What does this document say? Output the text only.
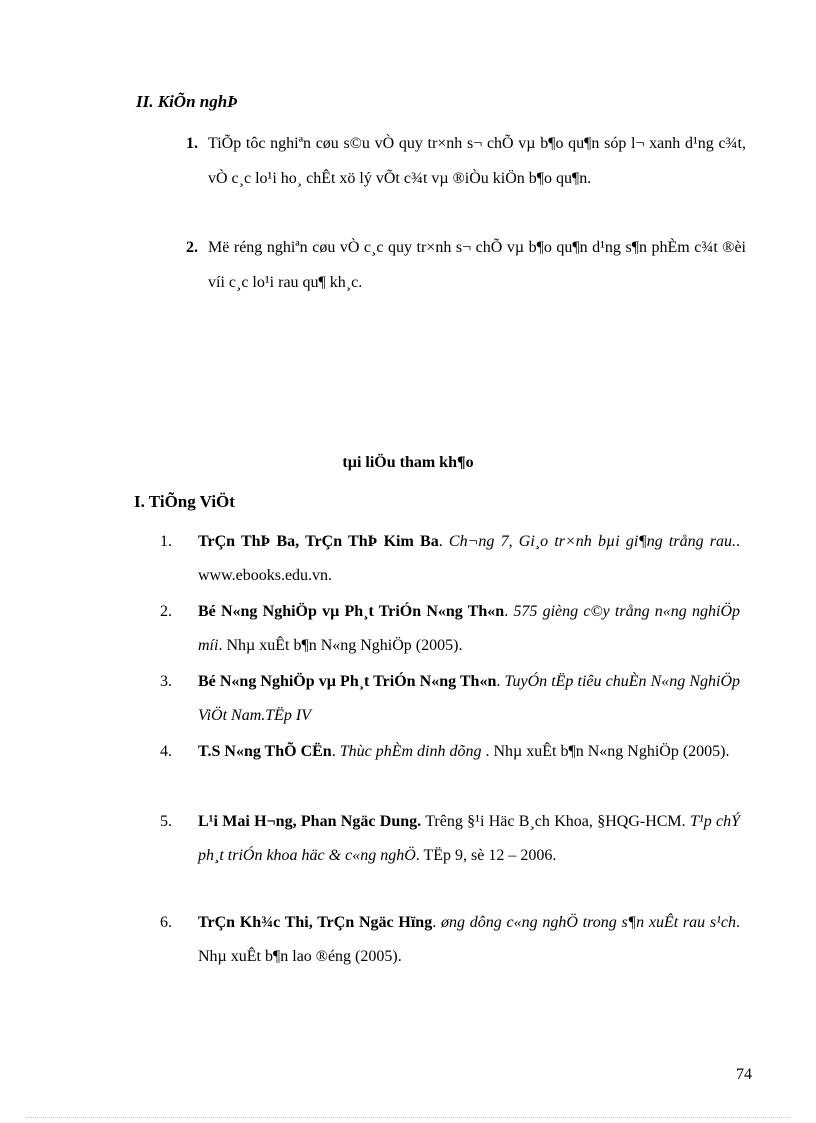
II. KiÕn nghÞ
1. TiÕp tôc nghiªn cøu s©u vÒ quy tr×nh s¬ chÕ vµ b¶o qu¶n sóp l¬ xanh d¹ng c¾t, vÒ c¸c lo¹i ho¸ chÊt xö lý vÕt c¾t vµ ®iÒu kiÖn b¶o qu¶n.
2. Më réng nghiªn cøu vÒ c¸c quy tr×nh s¬ chÕ vµ b¶o qu¶n d¹ng s¶n phÈm c¾t ®èi víi c¸c lo¹i rau qu¶ kh¸c.
tµi liÖu tham kh¶o
I. TiÕng ViÖt
1. TrÇn ThÞ Ba, TrÇn ThÞ Kim Ba. Ch¬ng 7, Gi¸o tr×nh bµi gi¶ng trång rau.. www.ebooks.edu.vn.
2. Bé N«ng NghiÖp vµ Ph¸t TriÓn N«ng Th«n. 575 gièng c©y trång n«ng nghiÖp míi. Nhµ xuÊt b¶n N«ng NghiÖp (2005).
3. Bé N«ng NghiÖp vµ Ph¸t TriÓn N«ng Th«n. TuyÓn tËp tiêu chuÈn N«ng NghiÖp ViÖt Nam.TËp IV
4. T.S N«ng ThÕ CËn. Thùc phÈm dinh dõng . Nhµ xuÊt b¶n N«ng NghiÖp (2005).
5. L¹i Mai H¬ng, Phan Ngäc Dung. Trêng §¹i Häc B¸ch Khoa, §HQG-HCM. T¹p chÝ ph¸t triÓn khoa häc & c«ng nghÖ. TËp 9, sè 12 – 2006.
6. TrÇn Kh¾c Thi, TrÇn Ngäc Hïng. øng dông c«ng nghÖ trong s¶n xuÊt rau s¹ch. Nhµ xuÊt b¶n lao ®éng (2005).
74
